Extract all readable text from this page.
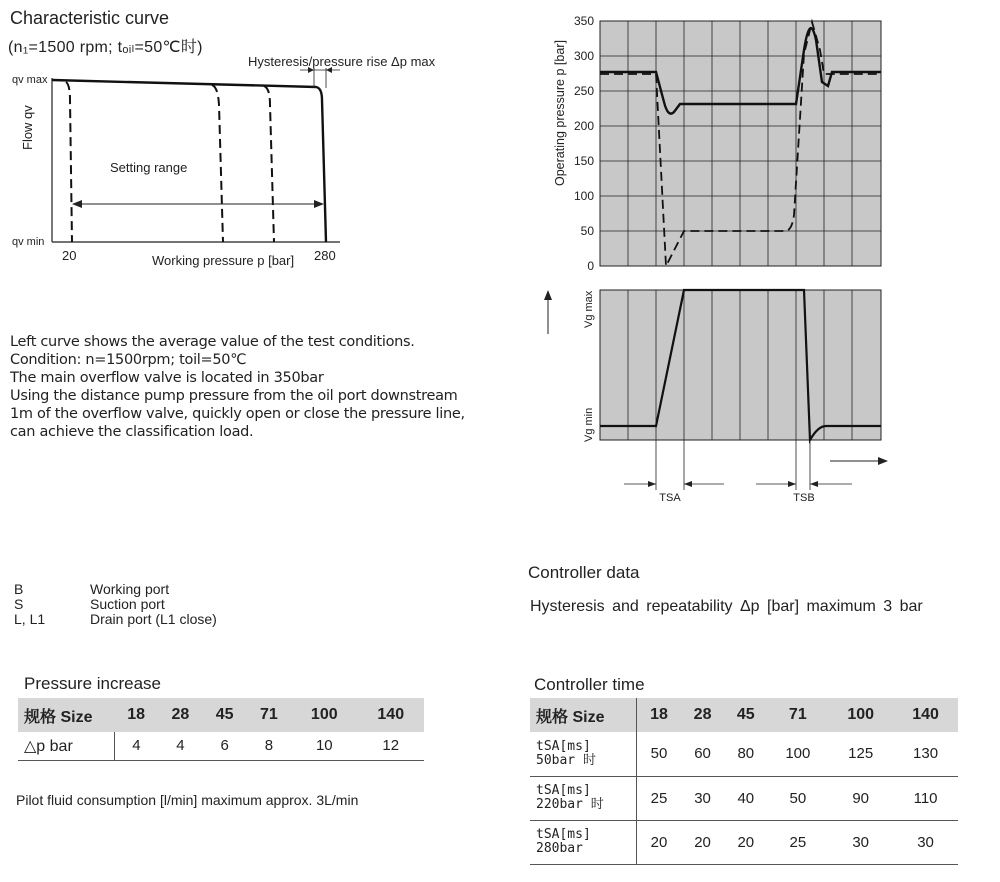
Characteristic curve
(n₁=1500 rpm; tₒᵢₗ=50℃时)
Hysteresis/pressure rise Δp max
qv max
qv min
Flow qv
20	Working pressure p [bar] 280
Setting range
Left curve shows the average value of the test conditions.
Condition: n=1500rpm; toil=50℃
The main overflow valve is located in 350bar
Using the distance pump pressure from the oil port downstream
1m of the overflow valve, quickly open or close the pressure line,
can achieve the classification load.
350
300
250
200
150
100
50
0
Operating pressure p [bar]
TSA	TSB
Vg max
Vg min
B	Working port
S	Suction port
L, L1	Drain port (L1 close)
Pressure increase
规格 Size	18	28	45	71	100	140
△p bar	4	4	6	8	10	12
Pilot fluid consumption [l/min] maximum approx. 3L/min
Controller data
Hysteresis and repeatability Δp [bar] maximum 3 bar
Controller time
规格 Size	18	28	45	71	100	140

tSA[ms]
50bar 时	50	60	80	100	125	130

tSA[ms]
220bar 时	25	30	40	50	90	110

tSA[ms]
280bar	20	20	20	25	30	30
